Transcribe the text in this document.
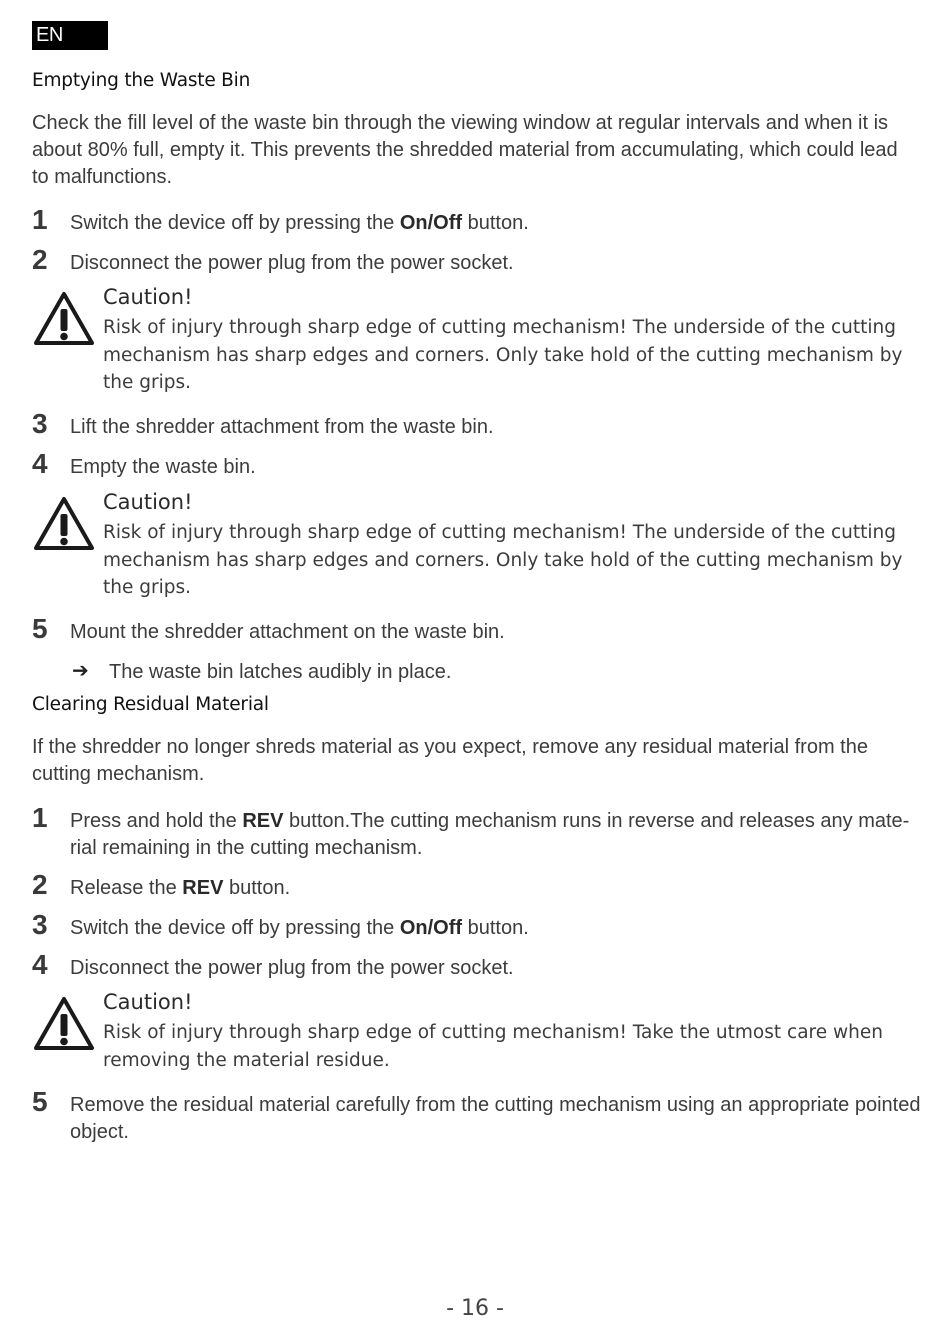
EN
Emptying the Waste Bin
Check the fill level of the waste bin through the viewing window at regular intervals and when it is about 80% full, empty it. This prevents the shredded material from accumulating, which could lead to malfunctions.
1 Switch the device off by pressing the On/Off button.
2 Disconnect the power plug from the power socket.
Caution!
Risk of injury through sharp edge of cutting mechanism! The underside of the cutting mechanism has sharp edges and corners. Only take hold of the cutting mechanism by the grips.
3 Lift the shredder attachment from the waste bin.
4 Empty the waste bin.
Caution!
Risk of injury through sharp edge of cutting mechanism! The underside of the cutting mechanism has sharp edges and corners. Only take hold of the cutting mechanism by the grips.
5 Mount the shredder attachment on the waste bin.
➔ The waste bin latches audibly in place.
Clearing Residual Material
If the shredder no longer shreds material as you expect, remove any residual material from the cutting mechanism.
1 Press and hold the REV button.The cutting mechanism runs in reverse and releases any mate-rial remaining in the cutting mechanism.
2 Release the REV button.
3 Switch the device off by pressing the On/Off button.
4 Disconnect the power plug from the power socket.
Caution!
Risk of injury through sharp edge of cutting mechanism! Take the utmost care when removing the material residue.
5 Remove the residual material carefully from the cutting mechanism using an appropriate pointed object.
- 16 -
